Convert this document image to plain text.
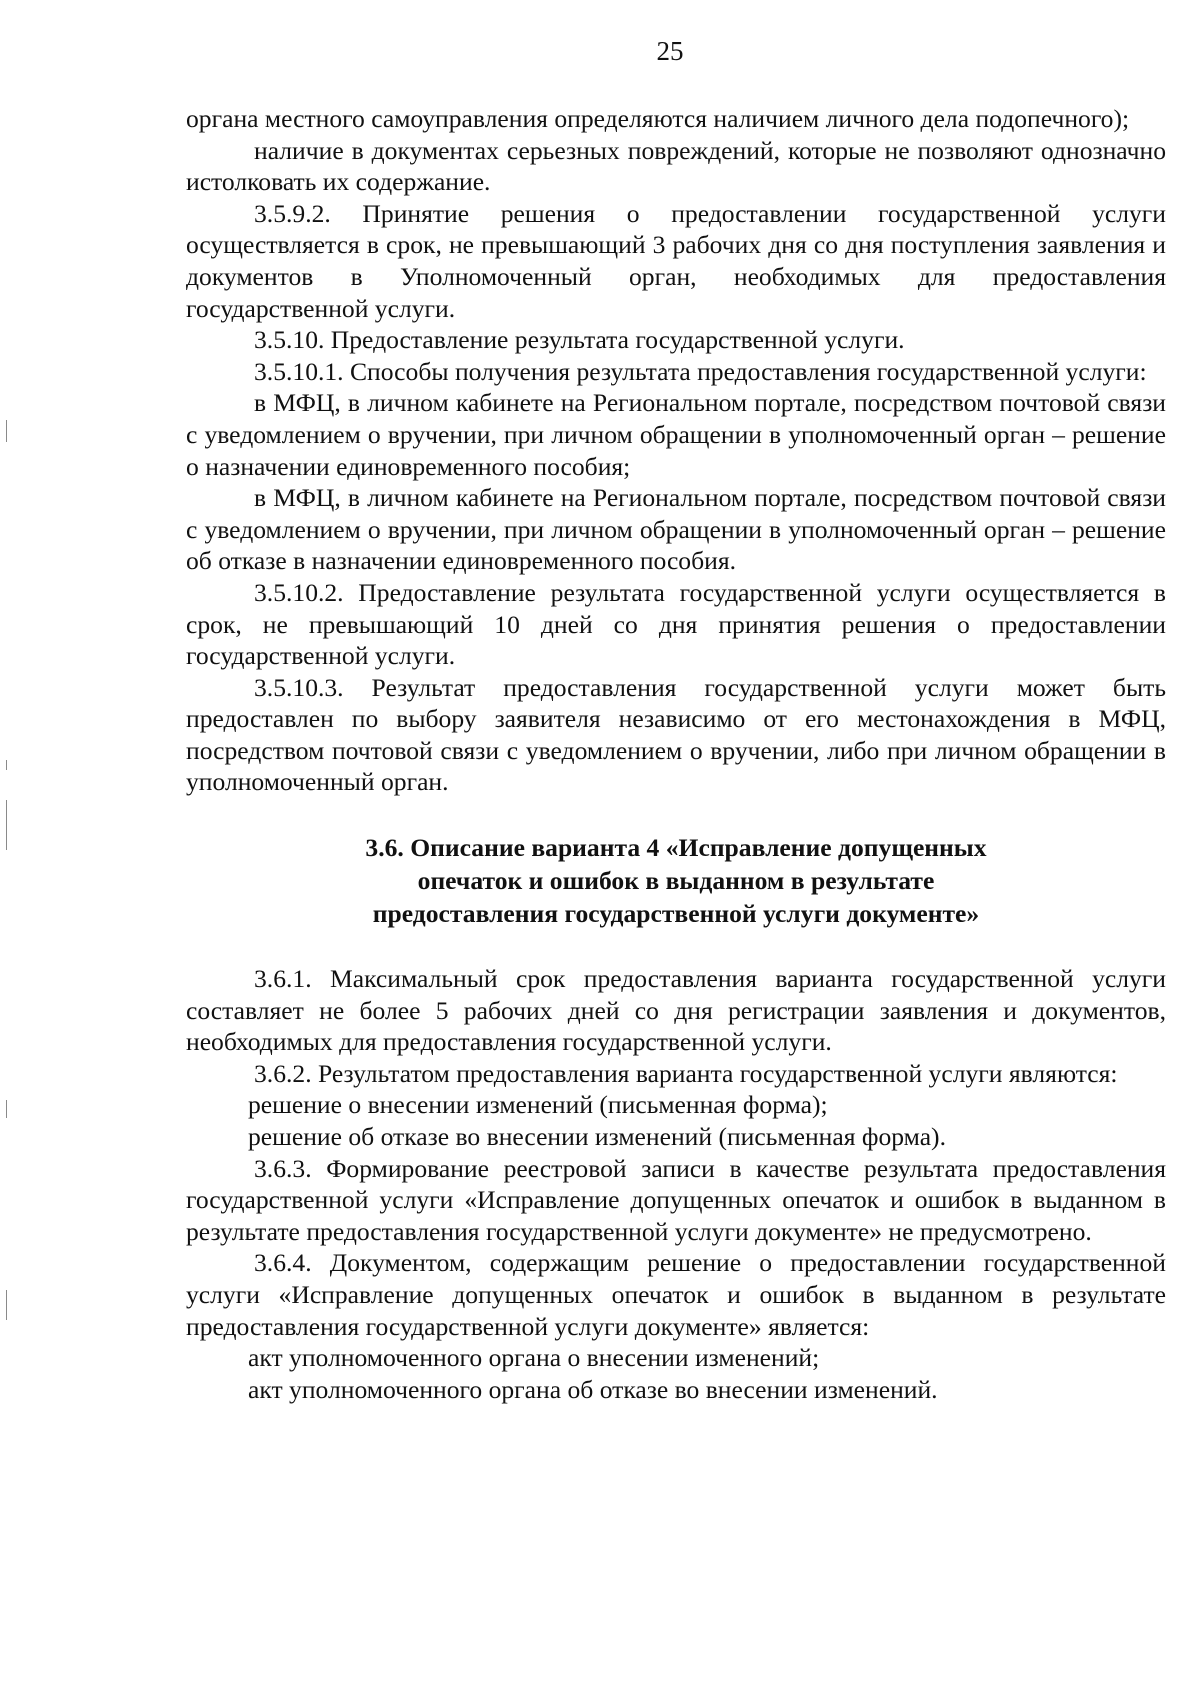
25

органа местного самоуправления определяются наличием личного дела подопечного);

наличие в документах серьезных повреждений, которые не позволяют однозначно истолковать их содержание.

3.5.9.2. Принятие решения о предоставлении государственной услуги осуществляется в срок, не превышающий 3 рабочих дня со дня поступления заявления и документов в Уполномоченный орган, необходимых для предоставления государственной услуги.

3.5.10. Предоставление результата государственной услуги.

3.5.10.1. Способы получения результата предоставления государственной услуги:

в МФЦ, в личном кабинете на Региональном портале, посредством почтовой связи с уведомлением о вручении, при личном обращении в уполномоченный орган – решение о назначении единовременного пособия;

в МФЦ, в личном кабинете на Региональном портале, посредством почтовой связи с уведомлением о вручении, при личном обращении в уполномоченный орган – решение об отказе в назначении единовременного пособия.

3.5.10.2. Предоставление результата государственной услуги осуществляется в срок, не превышающий 10 дней со дня принятия решения о предоставлении государственной услуги.

3.5.10.3. Результат предоставления государственной услуги может быть предоставлен по выбору заявителя независимо от его местонахождения в МФЦ, посредством почтовой связи с уведомлением о вручении, либо при личном обращении в уполномоченный орган.

3.6. Описание варианта 4 «Исправление допущенных
опечаток и ошибок в выданном в результате
предоставления государственной услуги документе»

3.6.1. Максимальный срок предоставления варианта государственной услуги составляет не более 5 рабочих дней со дня регистрации заявления и документов, необходимых для предоставления государственной услуги.

3.6.2. Результатом предоставления варианта государственной услуги являются:

решение о внесении изменений (письменная форма);

решение об отказе во внесении изменений (письменная форма).

3.6.3. Формирование реестровой записи в качестве результата предоставления государственной услуги «Исправление допущенных опечаток и ошибок в выданном в результате предоставления государственной услуги документе» не предусмотрено.

3.6.4. Документом, содержащим решение о предоставлении государственной услуги «Исправление допущенных опечаток и ошибок в выданном в результате предоставления государственной услуги документе» является:

акт уполномоченного органа о внесении изменений;

акт уполномоченного органа об отказе во внесении изменений.
